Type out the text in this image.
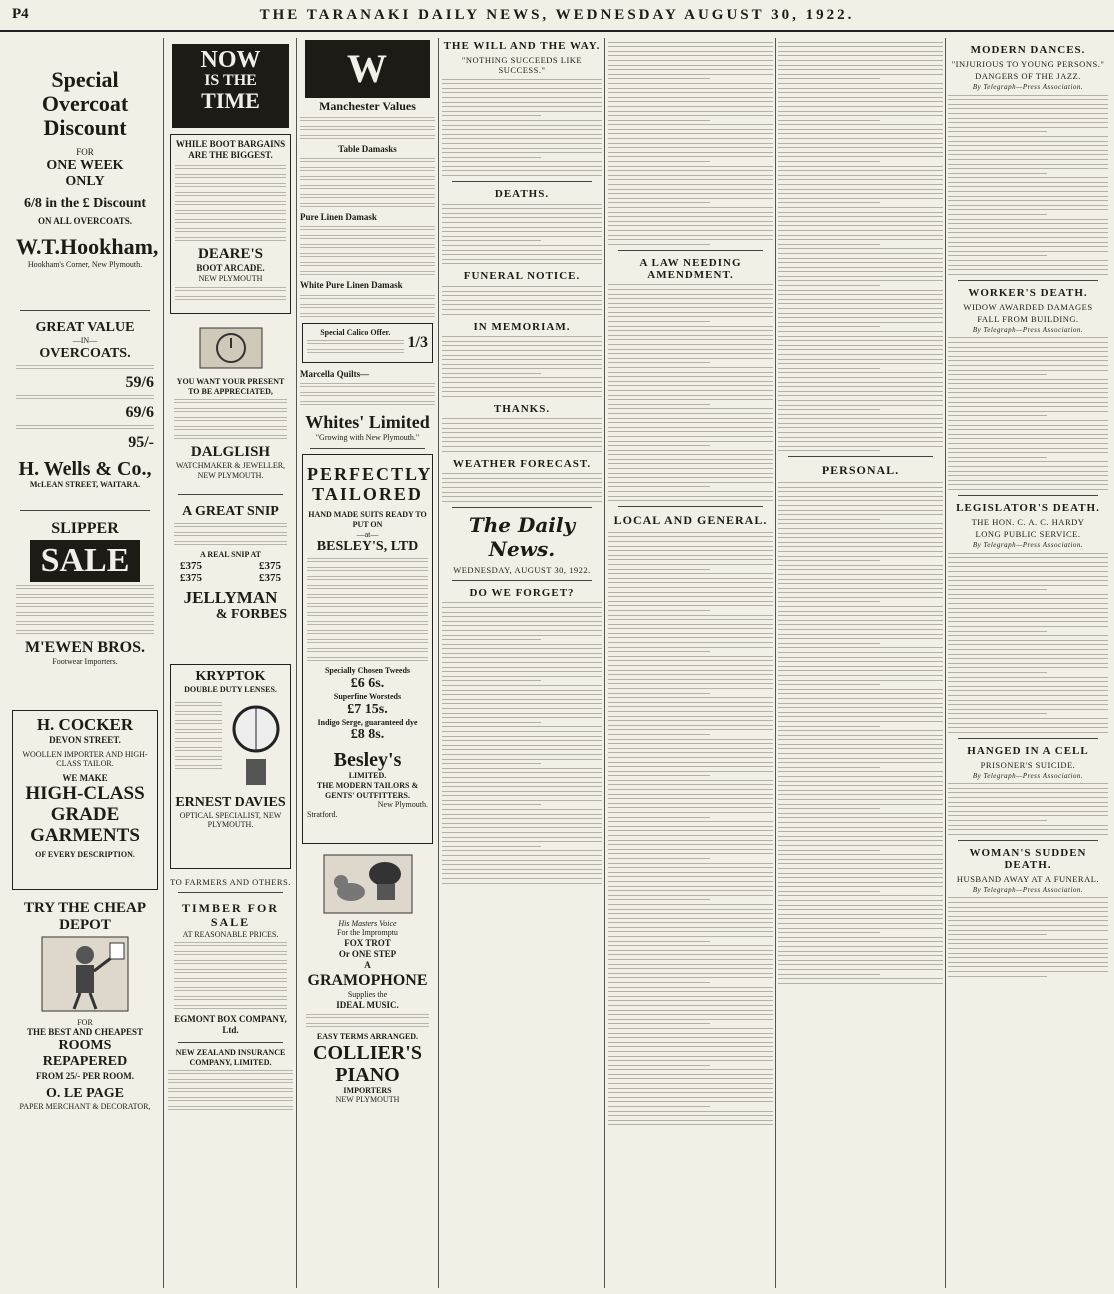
P4	THE TARANAKI DAILY NEWS, WEDNESDAY AUGUST 30, 1922.
Special
Overcoat
Discount
FOR
ONE WEEK
ONLY
6/8 in the £ Discount
ON ALL OVERCOATS.
W.T.Hookham,
Hookham's Corner, New Plymouth.
GREAT VALUE
—IN—
OVERCOATS.
59/6
69/6
95/-
H. Wells & Co.,
McLEAN STREET, WAITARA.
SLIPPER
SALE
M'EWEN BROS.
Footwear Importers.
H. COCKER
DEVON STREET.
WOOLLEN IMPORTER AND HIGH-CLASS TAILOR.
WE MAKE
HIGH-CLASS
GRADE
GARMENTS
OF EVERY DESCRIPTION.
TRY THE CHEAP
DEPOT
FOR
THE BEST AND CHEAPEST
ROOMS REPAPERED
FROM 25/- PER ROOM.
O. LE PAGE
PAPER MERCHANT & DECORATOR,
NOW
IS THE
TIME
WHILE BOOT BARGAINS
ARE THE BIGGEST.
DEARE'S
BOOT ARCADE.
NEW PLYMOUTH
YOU WANT YOUR PRESENT TO BE APPRECIATED,
DALGLISH
WATCHMAKER & JEWELLER, NEW PLYMOUTH.
A GREAT SNIP
A REAL SNIP AT
£375	£375
£375	£375
JELLYMAN
& FORBES
KRYPTOK
DOUBLE DUTY LENSES.
ERNEST DAVIES
OPTICAL SPECIALIST, NEW PLYMOUTH.
TO FARMERS AND OTHERS.
TIMBER FOR SALE
AT REASONABLE PRICES.
EGMONT BOX COMPANY, Ltd.
NEW ZEALAND INSURANCE COMPANY, LIMITED.
W
Manchester Values
Table Damasks
Pure Linen Damask
White Pure Linen Damask
Special Calico Offer.
1/3
Marcella Quilts—
Whites' Limited
"Growing with New Plymouth."
PERFECTLY
TAILORED
HAND MADE SUITS READY TO PUT ON
—at—
BESLEY'S, LTD
Specially Chosen Tweeds
£6 6s.
Superfine Worsteds
£7 15s.
Indigo Serge, guaranteed dye
£8 8s.
Besley's
LIMITED.
THE MODERN TAILORS & GENTS' OUTFITTERS.
New Plymouth.
Stratford.
His Masters Voice
For the Impromptu
FOX TROT
Or ONE STEP
A
GRAMOPHONE
Supplies the
IDEAL MUSIC.
EASY TERMS ARRANGED.
COLLIER'S
PIANO
IMPORTERS
NEW PLYMOUTH
THE WILL AND THE WAY.
"NOTHING SUCCEEDS LIKE SUCCESS."
DEATHS.
FUNERAL NOTICE.
IN MEMORIAM.
THANKS.
WEATHER FORECAST.
The Daily News.
WEDNESDAY, AUGUST 30, 1922.
DO WE FORGET?
A LAW NEEDING AMENDMENT.
LOCAL AND GENERAL.
PERSONAL.
MODERN DANCES.
"INJURIOUS TO YOUNG PERSONS."
DANGERS OF THE JAZZ.
By Telegraph—Press Association.
WORKER'S DEATH.
WIDOW AWARDED DAMAGES
FALL FROM BUILDING.
By Telegraph—Press Association.
LEGISLATOR'S DEATH.
THE HON. C. A. C. HARDY
LONG PUBLIC SERVICE.
By Telegraph—Press Association.
HANGED IN A CELL
PRISONER'S SUICIDE.
By Telegraph—Press Association.
WOMAN'S SUDDEN DEATH.
HUSBAND AWAY AT A FUNERAL.
By Telegraph—Press Association.
